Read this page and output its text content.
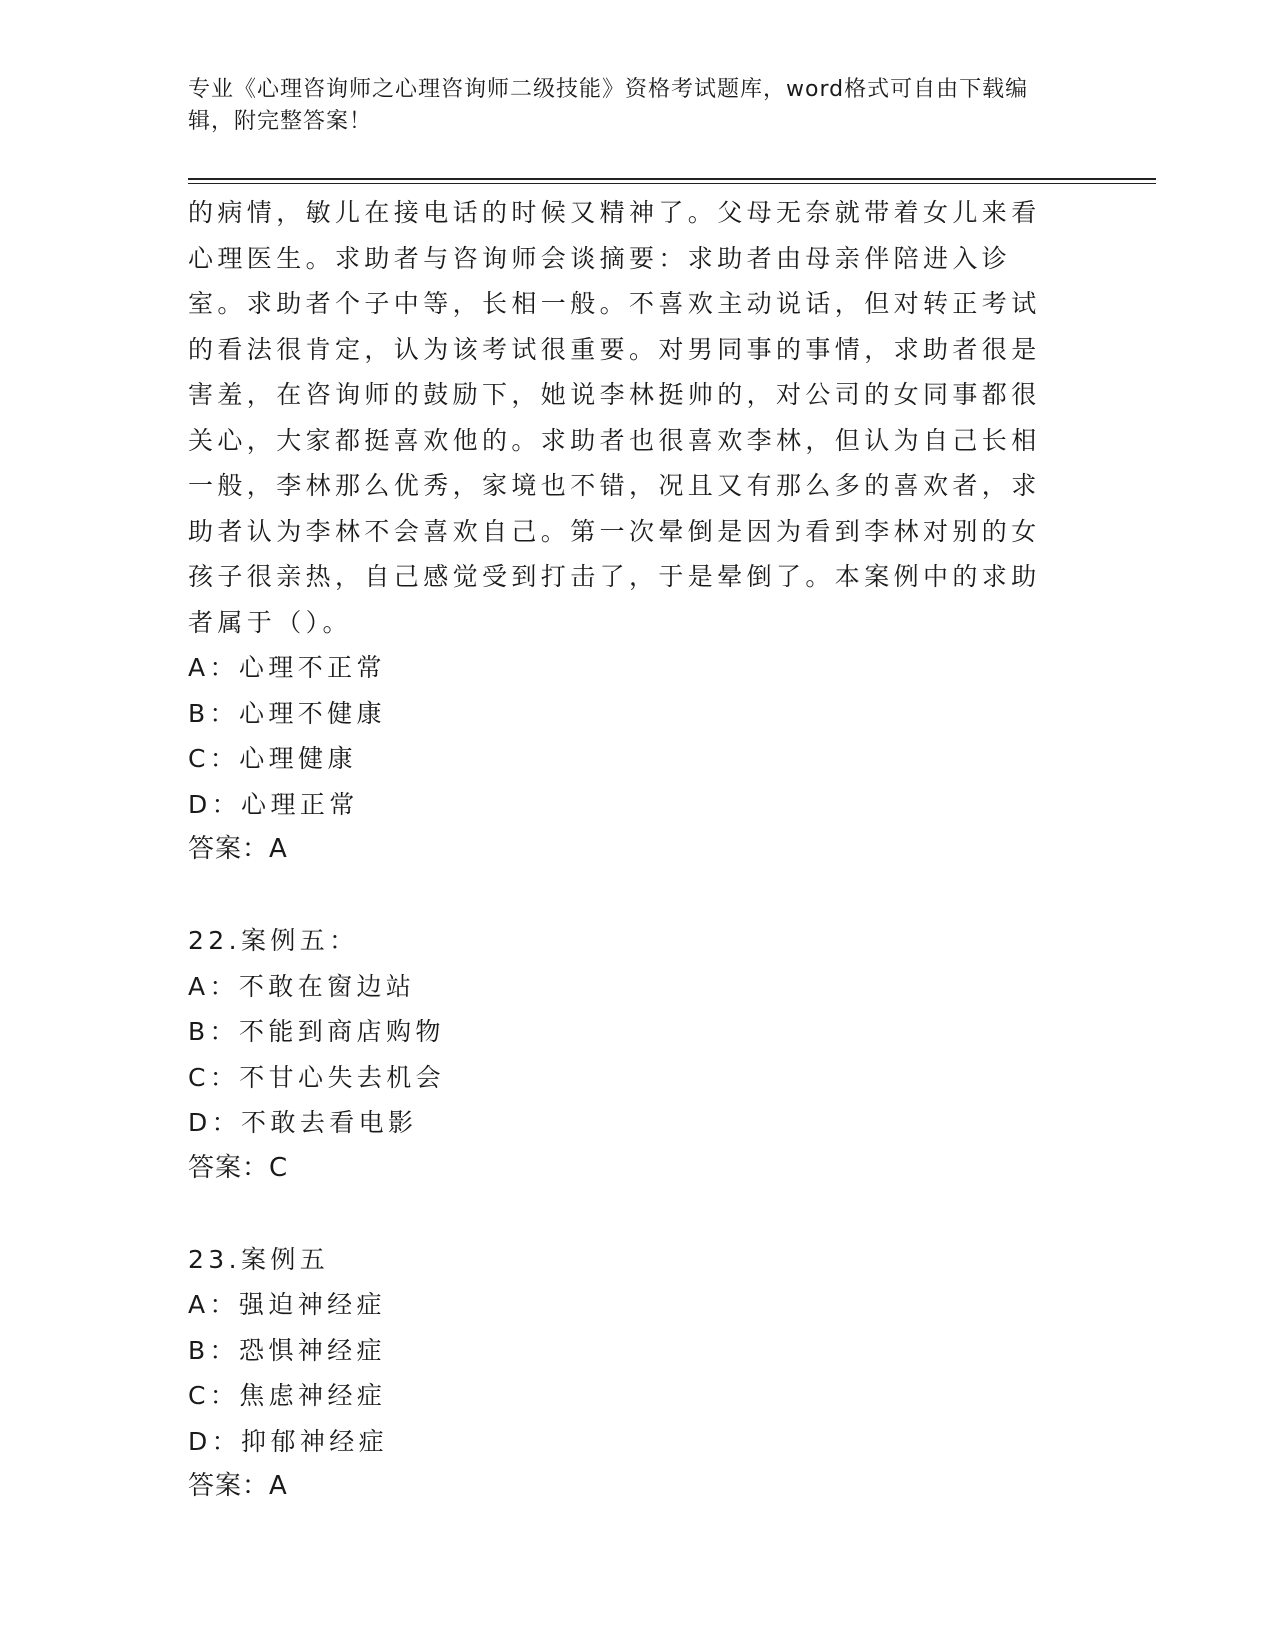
专业《心理咨询师之心理咨询师二级技能》资格考试题库，word格式可自由下载编辑，附完整答案！

的病情，敏儿在接电话的时候又精神了。父母无奈就带着女儿来看心理医生。求助者与咨询师会谈摘要：求助者由母亲伴陪进入诊室。求助者个子中等，长相一般。不喜欢主动说话，但对转正考试的看法很肯定，认为该考试很重要。对男同事的事情，求助者很是害羞，在咨询师的鼓励下，她说李林挺帅的，对公司的女同事都很关心，大家都挺喜欢他的。求助者也很喜欢李林，但认为自己长相一般，李林那么优秀，家境也不错，况且又有那么多的喜欢者，求助者认为李林不会喜欢自己。第一次晕倒是因为看到李林对别的女孩子很亲热，自己感觉受到打击了，于是晕倒了。本案例中的求助者属于（）。

A：心理不正常

B：心理不健康

C：心理健康

D：心理正常

答案：A

22.案例五：

A：不敢在窗边站

B：不能到商店购物

C：不甘心失去机会

D：不敢去看电影

答案：C

23.案例五

A：强迫神经症

B：恐惧神经症

C：焦虑神经症

D：抑郁神经症

答案：A
